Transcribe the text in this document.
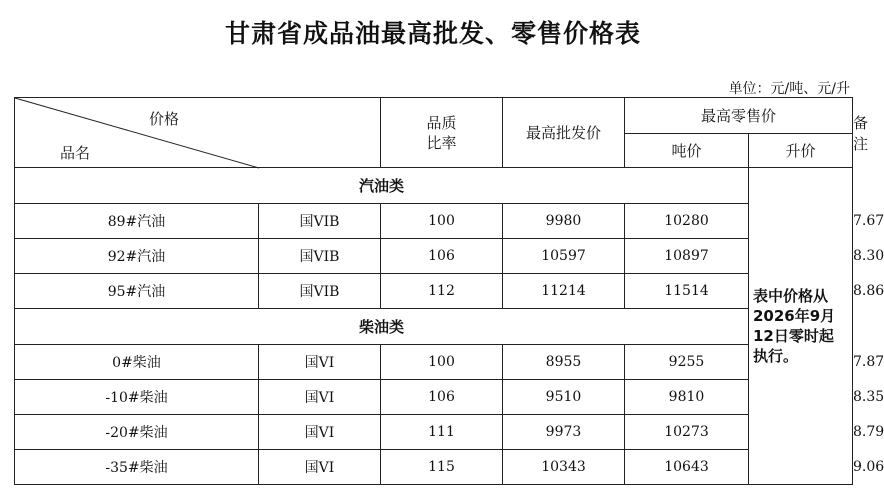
甘肃省成品油最高批发、零售价格表
单位：元/吨、元/升
价格
品名		品质比率	最高批发价	最高零售价		备注
				吨价	升价	
汽油类					表中价格从2026年9月12日零时起执行。	
89#汽油	国VIB	100	9980	10280		7.67
92#汽油	国VIB	106	10597	10897		8.30
95#汽油	国VIB	112	11214	11514		8.86
柴油类						
0#柴油	国VI	100	8955	9255		7.87
-10#柴油	国VI	106	9510	9810		8.35
-20#柴油	国VI	111	9973	10273		8.79
-35#柴油	国VI	115	10343	10643		9.06
